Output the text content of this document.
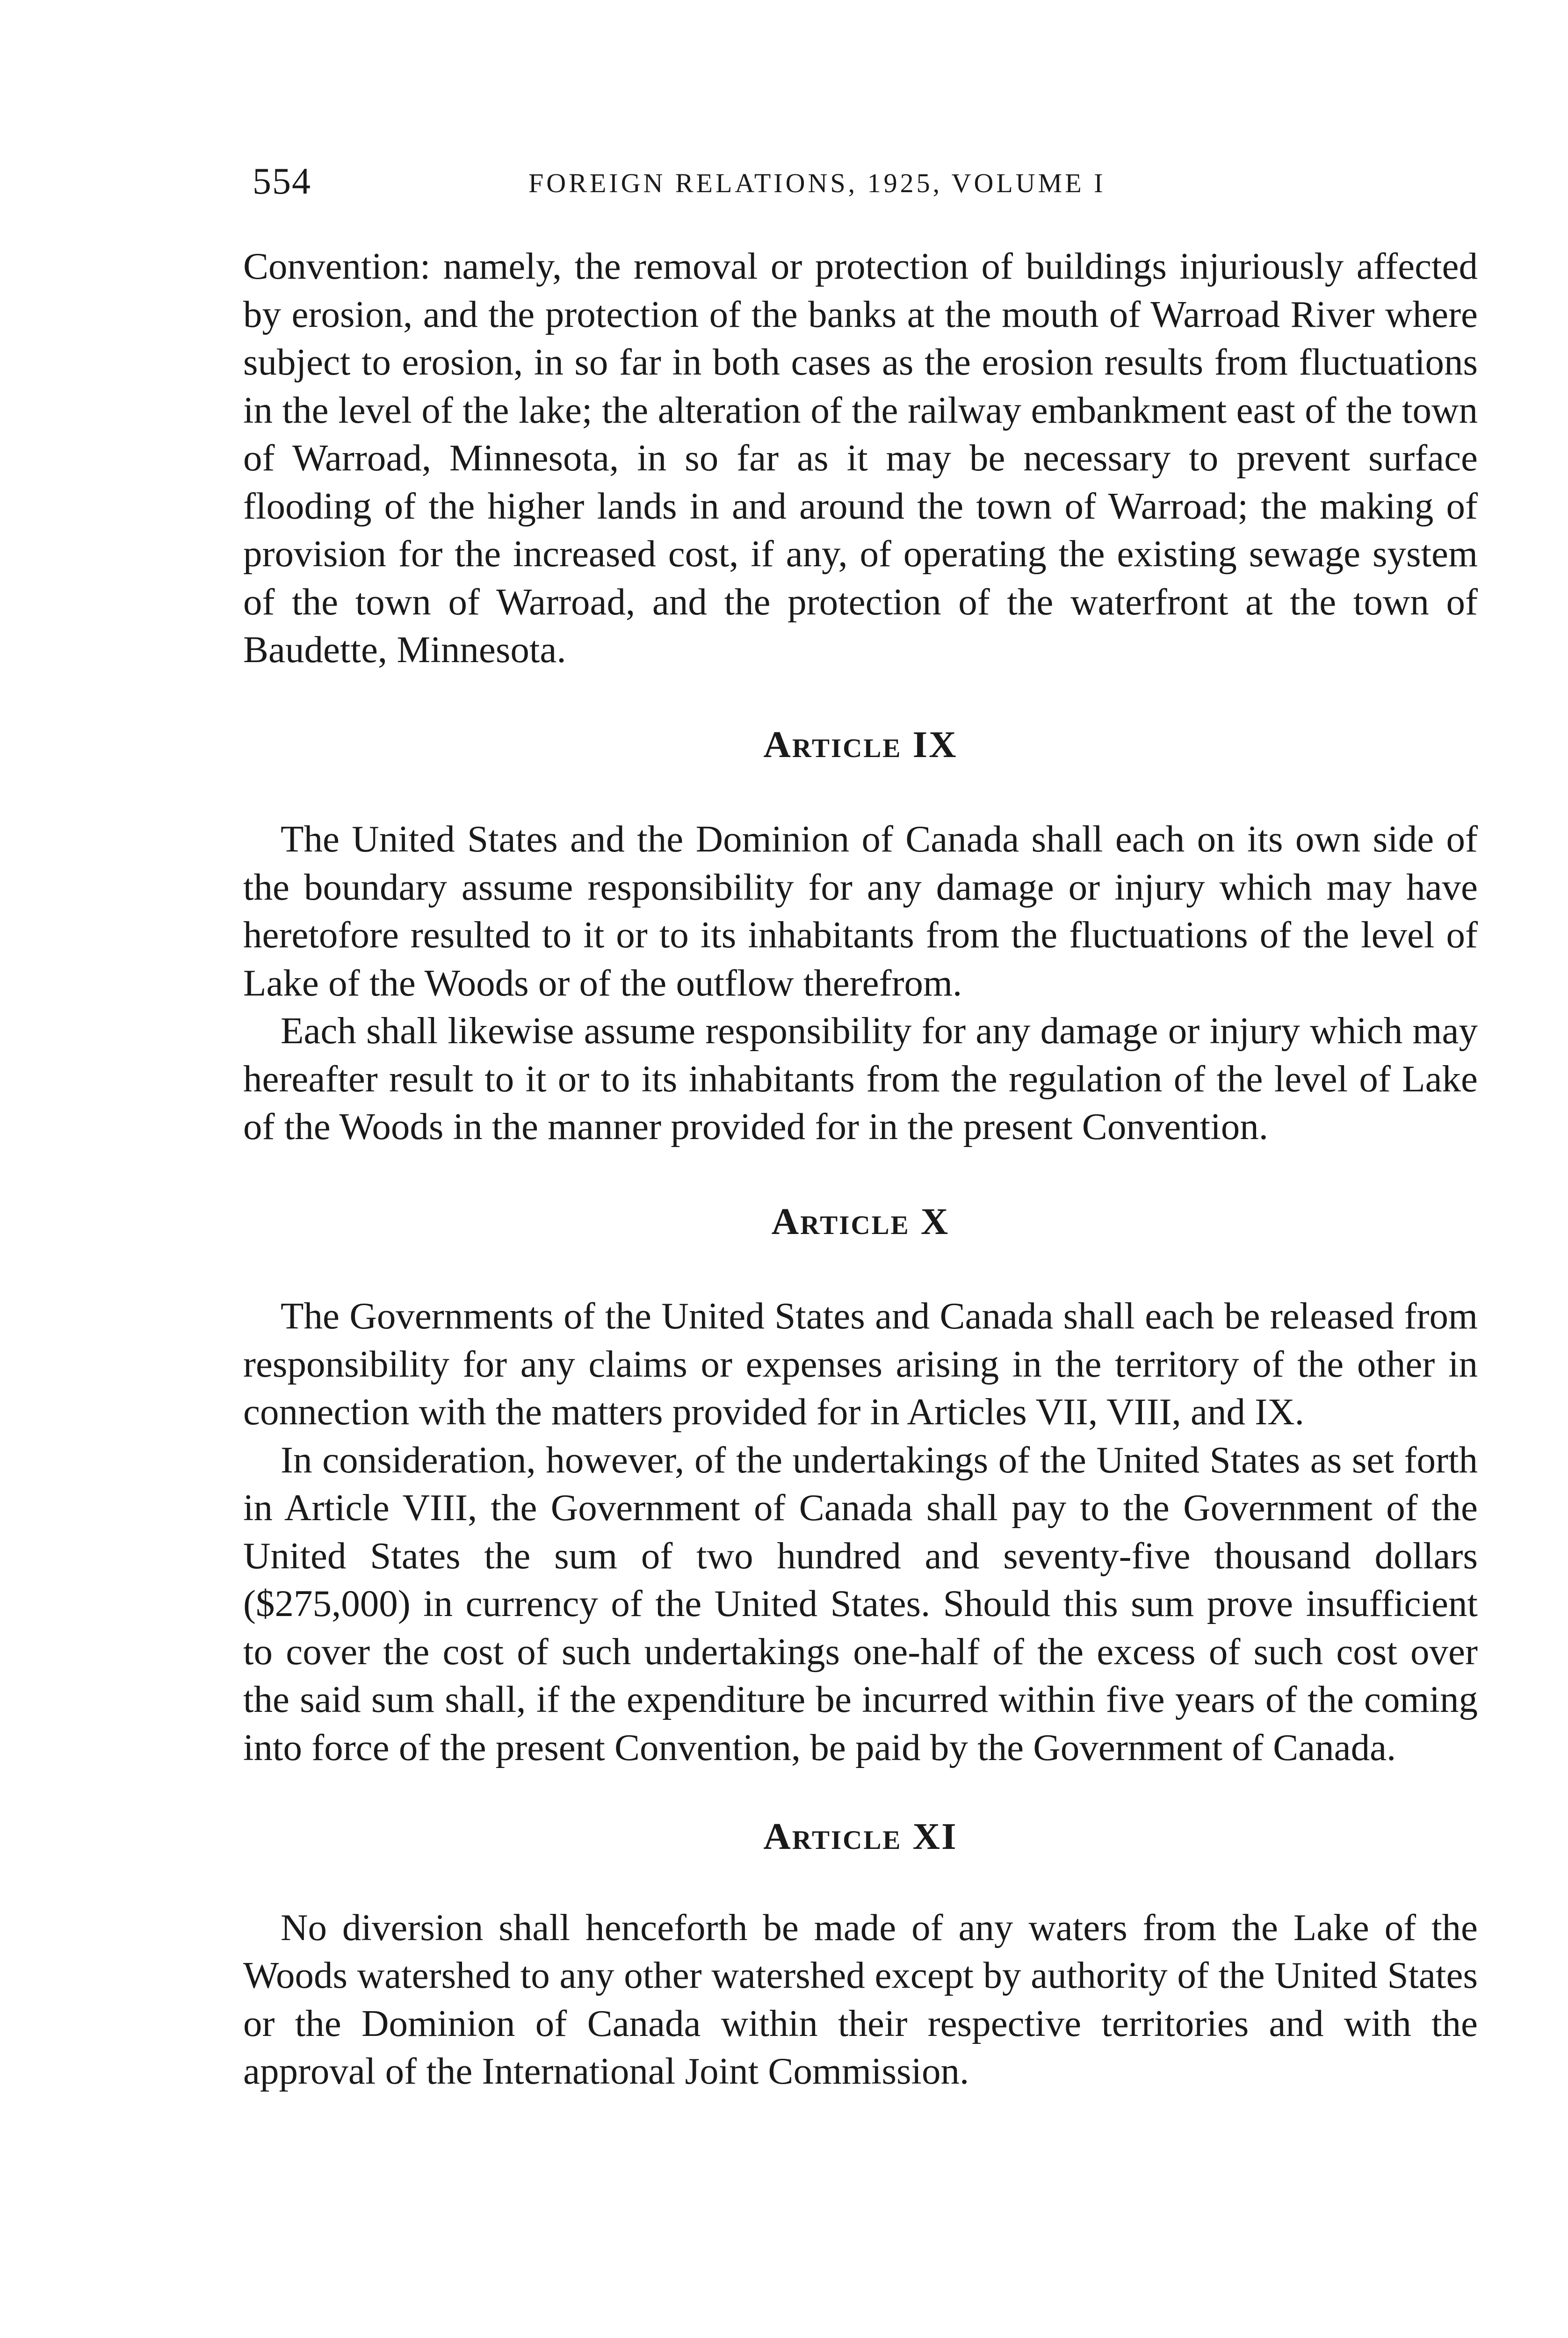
554	FOREIGN RELATIONS, 1925, VOLUME I

Convention: namely, the removal or protection of buildings injuriously affected by erosion, and the protection of the banks at the mouth of Warroad River where subject to erosion, in so far in both cases as the erosion results from fluctuations in the level of the lake; the alteration of the railway embankment east of the town of Warroad, Minnesota, in so far as it may be necessary to prevent surface flooding of the higher lands in and around the town of Warroad; the making of provision for the increased cost, if any, of operating the existing sewage system of the town of Warroad, and the protection of the waterfront at the town of Baudette, Minnesota.

Article IX

The United States and the Dominion of Canada shall each on its own side of the boundary assume responsibility for any damage or injury which may have heretofore resulted to it or to its inhabitants from the fluctuations of the level of Lake of the Woods or of the outflow therefrom.

Each shall likewise assume responsibility for any damage or injury which may hereafter result to it or to its inhabitants from the regulation of the level of Lake of the Woods in the manner provided for in the present Convention.

Article X

The Governments of the United States and Canada shall each be released from responsibility for any claims or expenses arising in the territory of the other in connection with the matters provided for in Articles VII, VIII, and IX.

In consideration, however, of the undertakings of the United States as set forth in Article VIII, the Government of Canada shall pay to the Government of the United States the sum of two hundred and seventy-five thousand dollars ($275,000) in currency of the United States. Should this sum prove insufficient to cover the cost of such undertakings one-half of the excess of such cost over the said sum shall, if the expenditure be incurred within five years of the coming into force of the present Convention, be paid by the Government of Canada.

Article XI

No diversion shall henceforth be made of any waters from the Lake of the Woods watershed to any other watershed except by authority of the United States or the Dominion of Canada within their respective territories and with the approval of the International Joint Commission.
